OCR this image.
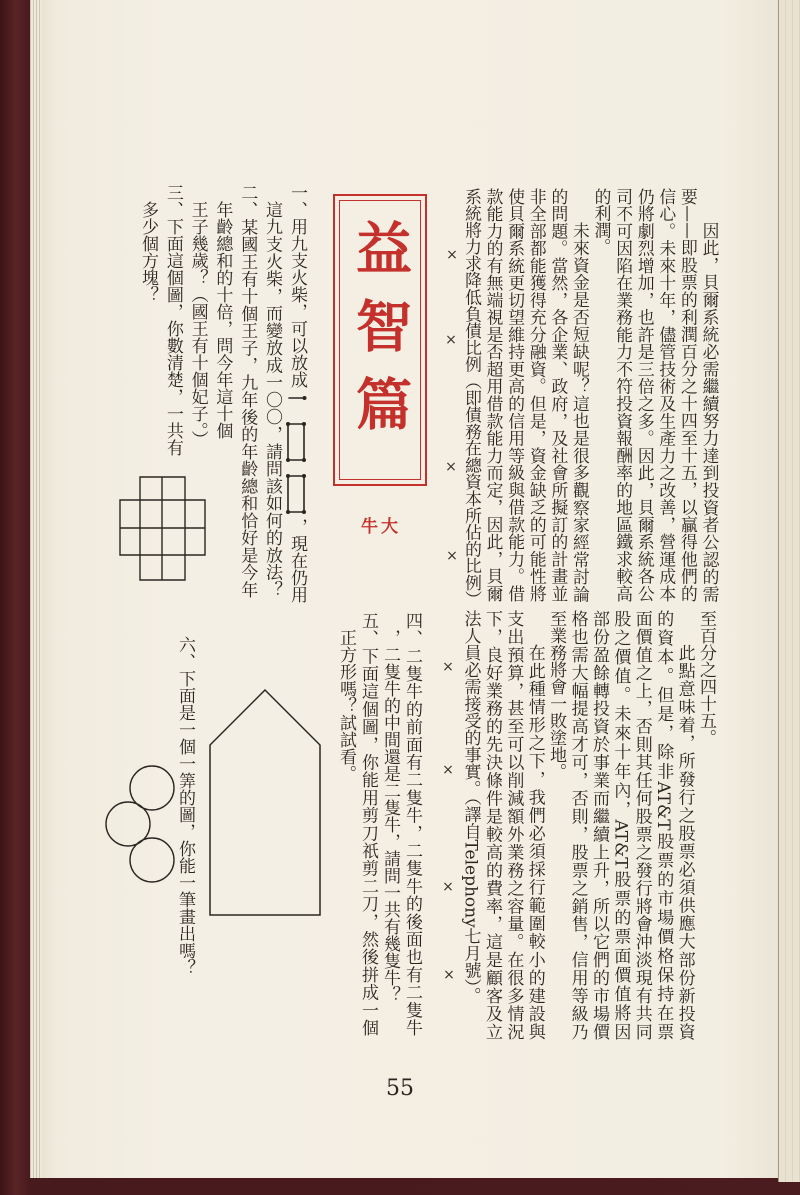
因此，貝爾系統必需繼續努力達到投資者公認的需
要——即股票的利潤百分之十四至十五，以贏得他們的
信心。未來十年，儘管技術及生產力之改善，營運成本
仍將劇烈增加，也許是三倍之多。因此，貝爾系統各公
司不可因陷在業務能力不符投資報酬率的地區鐵求較高
的利潤。
未來資金是否短缺呢？這也是很多觀察家經常討論
的問題。當然，各企業、政府，及社會所擬訂的計畫並
非全部都能獲得充分融資。但是，資金缺乏的可能性將
使貝爾系統更切望維持更高的信用等級與借款能力。借
款能力的有無端視是否超用借款能力而定，因此，貝爾
系統將力求降低負債比例（即債務在總資本所佔的比例）
至百分之四十五。
此點意味着，所發行之股票必須供應大部份新投資
的資本。但是，除非AT&T股票的市場價格保持在票
面價值之上，否則其任何股票之發行將會沖淡現有共同
股之價值。未來十年內，AT&T股票的票面價值將因
部份盈餘轉投資於事業而繼續上升，所以它們的市場價
格也需大幅提高才可，否則，股票之銷售，信用等級乃
至業務將會一敗塗地。
在此種情形之下，我們必須採行範圍較小的建設與
支出預算，甚至可以削減額外業務之容量。在很多情況
下，良好業務的先決條件是較高的費率，這是顧客及立
法人員必需接受的事實。（譯自Telephony七月號）。
×
×
×
×
×
×
×
×
益智篇
大牛
一、用九支火柴，可以放成
，現在仍用
這九支火柴，而變放成一〇〇，請問該如何的放法？
二、某國王有十個王子，九年後的年齡總和恰好是今年
年齡總和的十倍，問今年這十個
王子幾歲？（國王有十個妃子。）
三、下面這個圖，你數清楚，一共有
多少個方塊？
四、二隻牛的前面有二隻牛，二隻牛的後面也有二隻牛
，二隻牛的中間還是二隻牛，請問一共有幾隻牛？
五、下面這個圖，你能用剪刀祇剪二刀，然後拼成一個
正方形嗎？試試看。
六、下面是一個一筭的圖，你能一筆畫出嗎？
55
